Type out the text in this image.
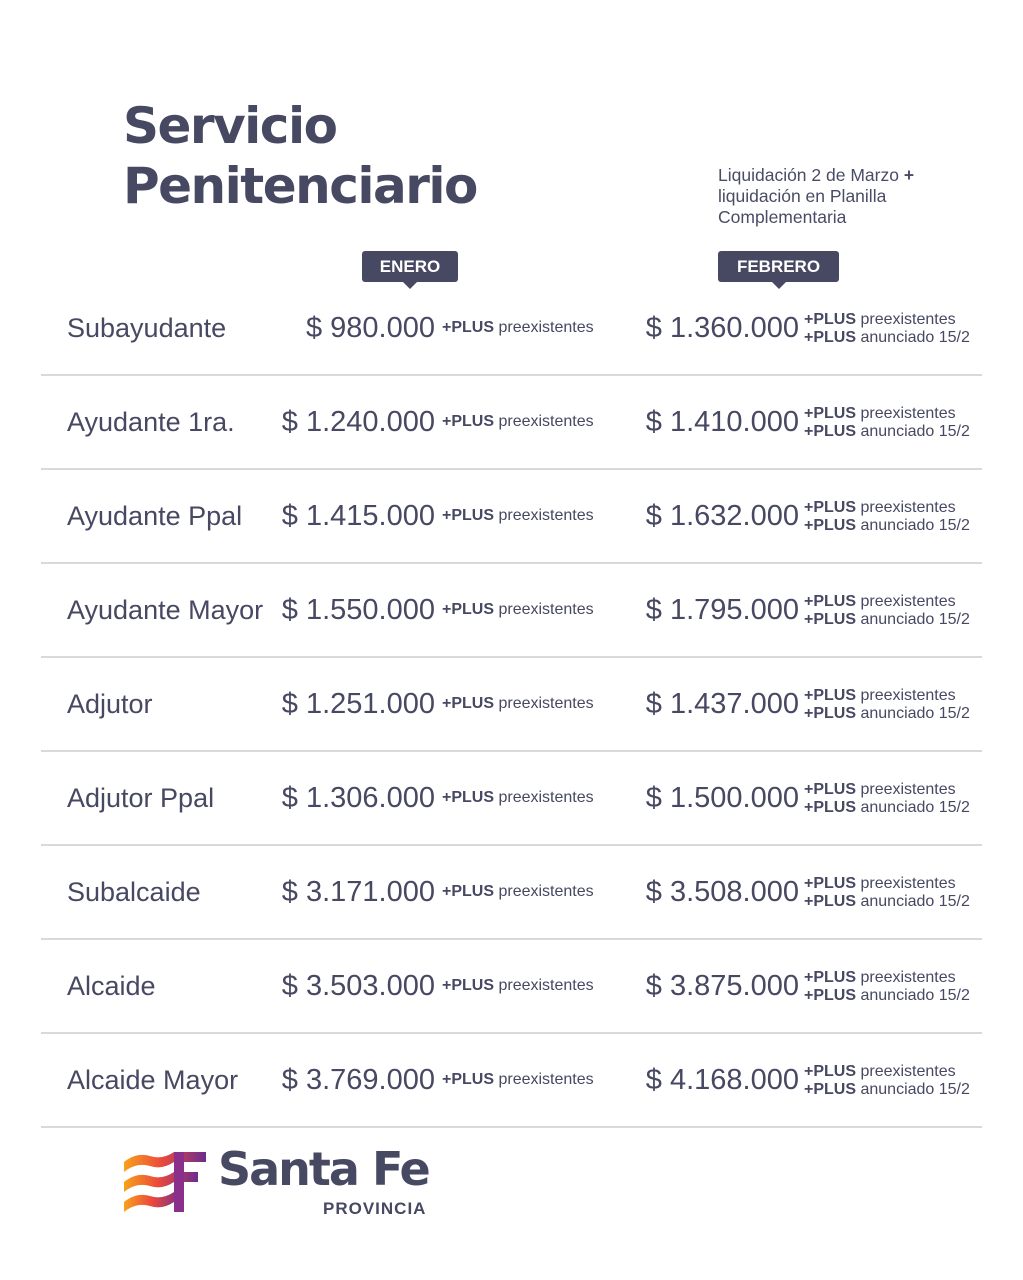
Servicio
Penitenciario	Liquidación 2 de Marzo +
liquidación en Planilla
Complementaria
ENERO	FEBRERO
Subayudante	$ 980.000 +PLUS preexistentes $ 1.360.000 +PLUS preexistentes
+PLUS anunciado 15/2
Ayudante 1ra. $ 1.240.000 +PLUS preexistentes $ 1.410.000 +PLUS preexistentes
+PLUS anunciado 15/2
Ayudante Ppal $ 1.415.000 +PLUS preexistentes $ 1.632.000 +PLUS preexistentes
+PLUS anunciado 15/2
Ayudante Mayor $ 1.550.000 +PLUS preexistentes $ 1.795.000 +PLUS preexistentes
+PLUS anunciado 15/2
Adjutor	$ 1.251.000 +PLUS preexistentes $ 1.437.000 +PLUS preexistentes
+PLUS anunciado 15/2
Adjutor Ppal $ 1.306.000 +PLUS preexistentes $ 1.500.000 +PLUS preexistentes
+PLUS anunciado 15/2
Subalcaide	$ 3.171.000 +PLUS preexistentes $ 3.508.000 +PLUS preexistentes
+PLUS anunciado 15/2
Alcaide	$ 3.503.000 +PLUS preexistentes $ 3.875.000 +PLUS preexistentes
+PLUS anunciado 15/2
Alcaide Mayor $ 3.769.000 +PLUS preexistentes $ 4.168.000 +PLUS preexistentes
+PLUS anunciado 15/2
Santa Fe
PROVINCIA
